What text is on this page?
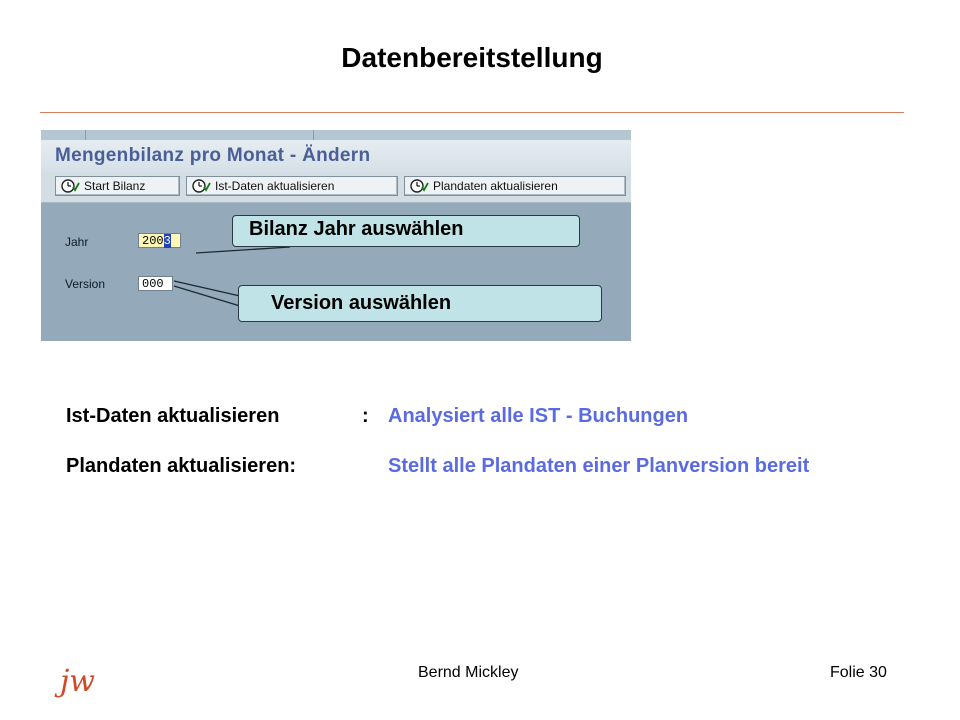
Datenbereitstellung
Mengenbilanz pro Monat - Ändern
Start Bilanz	Ist-Daten aktualisieren	Plandaten aktualisieren
Jahr	2003
Version	000
Bilanz Jahr auswählen
Version auswählen
Ist-Daten aktualisieren	: Analysiert alle IST - Buchungen
Plandaten aktualisieren:	Stellt alle Plandaten einer Planversion bereit
jw	Bernd Mickley	Folie 30
